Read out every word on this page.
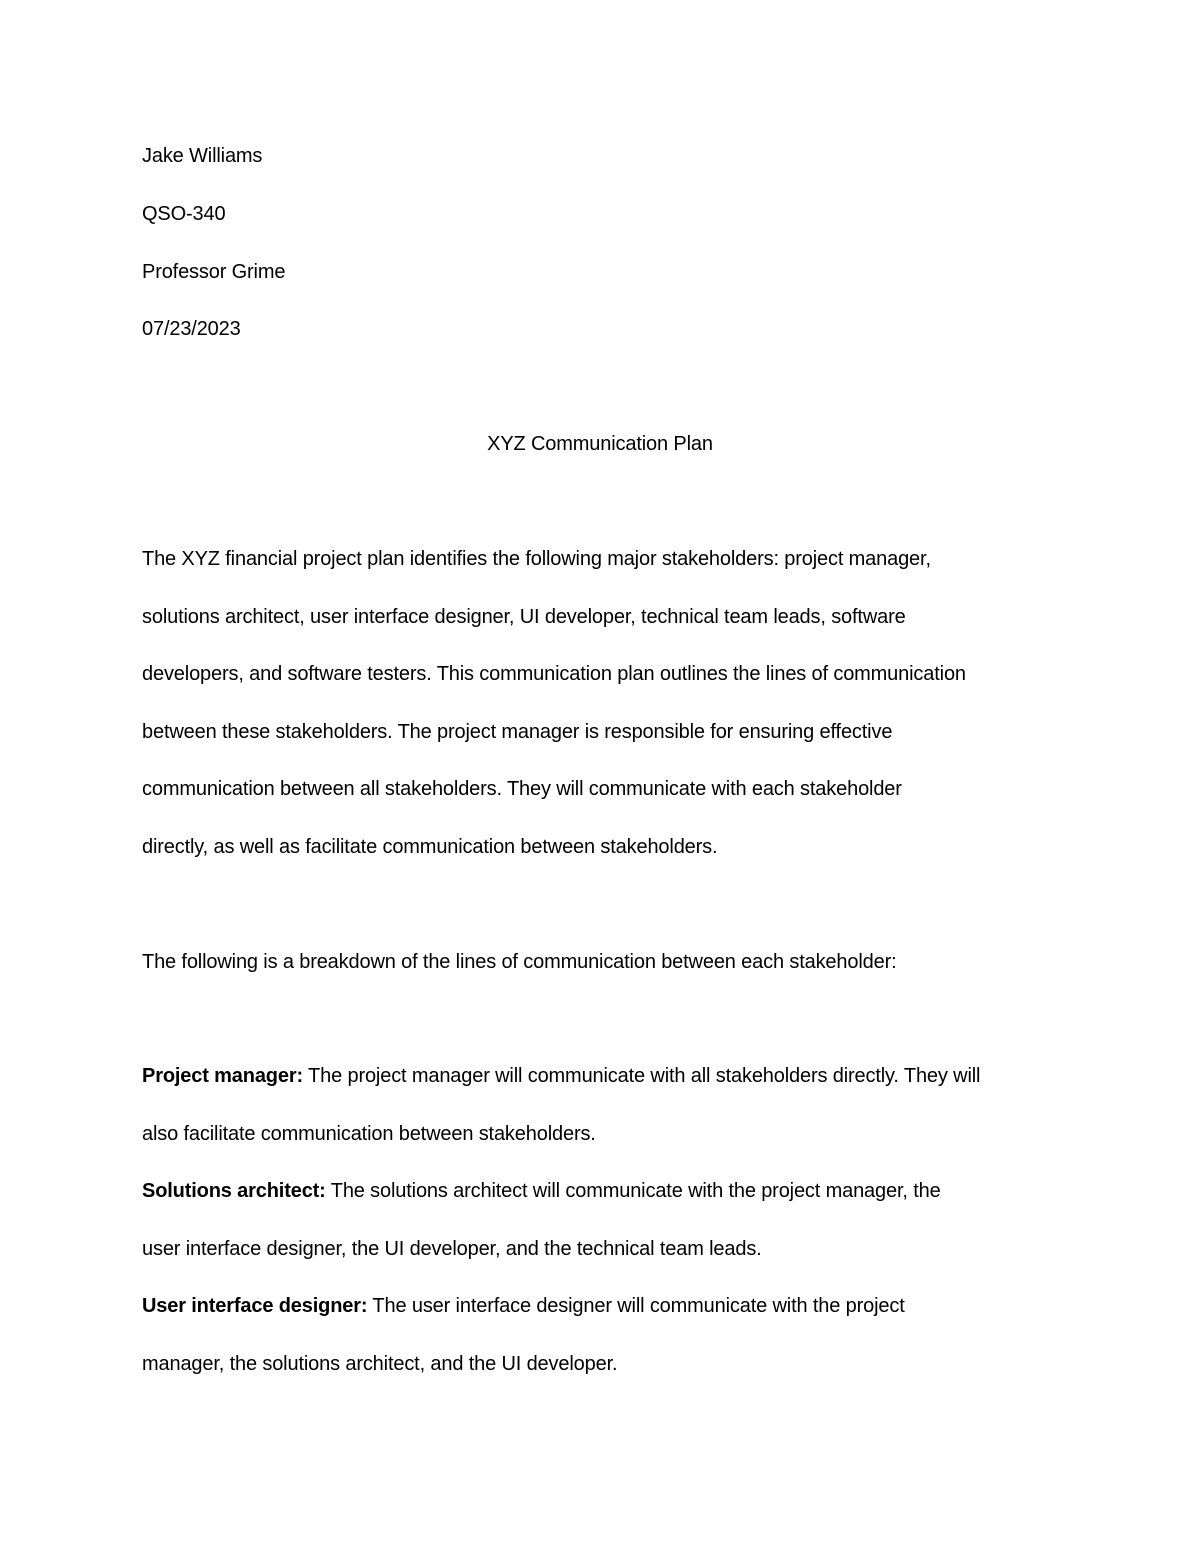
Jake Williams
QSO-340
Professor Grime
07/23/2023
XYZ Communication Plan
The XYZ financial project plan identifies the following major stakeholders: project manager,
solutions architect, user interface designer, UI developer, technical team leads, software
developers, and software testers. This communication plan outlines the lines of communication
between these stakeholders. The project manager is responsible for ensuring effective
communication between all stakeholders. They will communicate with each stakeholder
directly, as well as facilitate communication between stakeholders.
The following is a breakdown of the lines of communication between each stakeholder:
Project manager: The project manager will communicate with all stakeholders directly. They will
also facilitate communication between stakeholders.
Solutions architect: The solutions architect will communicate with the project manager, the
user interface designer, the UI developer, and the technical team leads.
User interface designer: The user interface designer will communicate with the project
manager, the solutions architect, and the UI developer.
